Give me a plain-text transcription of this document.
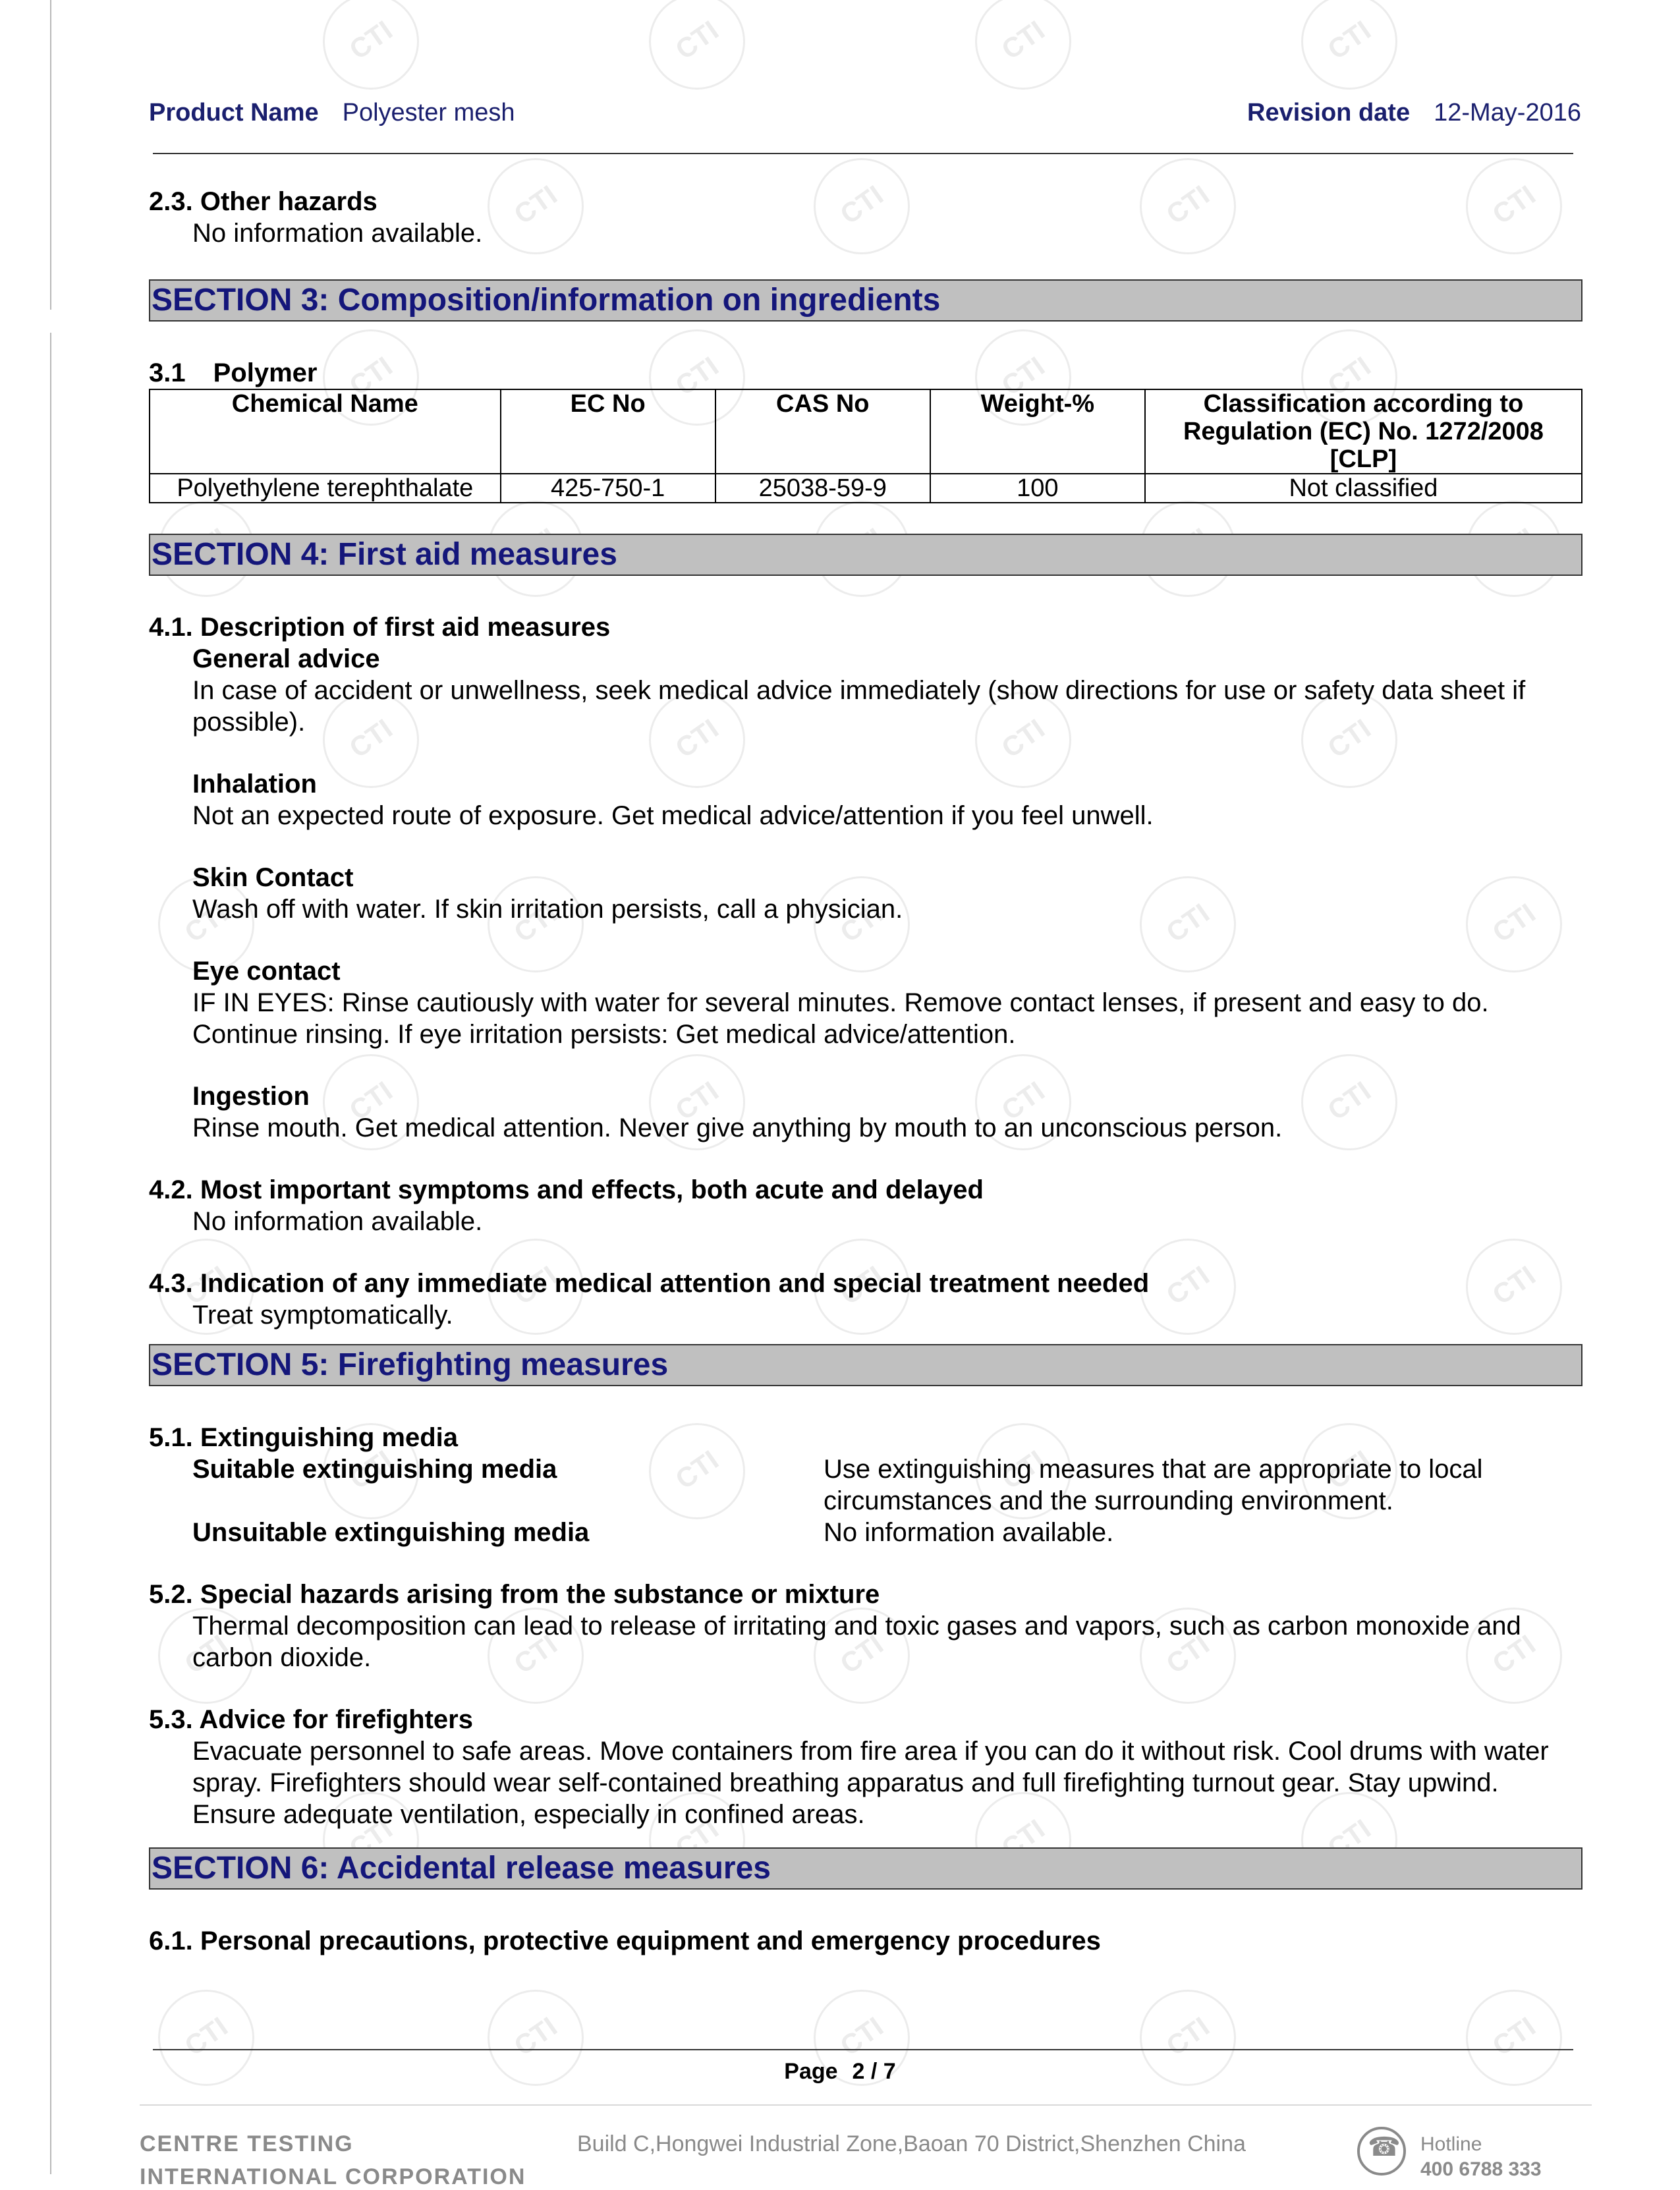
CTI
CTI
CTI
CTI
CTI
CTI
CTI
CTI
CTI
CTI
CTI
CTI
CTI
CTI
CTI
CTI
CTI
CTI
CTI
CTI
CTI
CTI
CTI
CTI
CTI
CTI
CTI
CTI
CTI
CTI
CTI
CTI
CTI
CTI
CTI
CTI
CTI
CTI
CTI
CTI
CTI
CTI
CTI
CTI
CTI
CTI
CTI
CTI
CTI
CTI
CTI
CTI
CTI
Product Name Polyester mesh	Revision date 12-May-2016
2.3. Other hazards
No information available.
SECTION 3: Composition/information on ingredients
3.1 Polymer
Chemical Name	EC No	CAS No	Weight-%	Classification according to Regulation (EC) No. 1272/2008 [CLP]
Polyethylene terephthalate	425-750-1	25038-59-9	100	Not classified
SECTION 4: First aid measures
4.1. Description of first aid measures
General advice
In case of accident or unwellness, seek medical advice immediately (show directions for use or safety data sheet if possible).
Inhalation
Not an expected route of exposure. Get medical advice/attention if you feel unwell.
Skin Contact
Wash off with water. If skin irritation persists, call a physician.
Eye contact
IF IN EYES: Rinse cautiously with water for several minutes. Remove contact lenses, if present and easy to do. Continue rinsing. If eye irritation persists: Get medical advice/attention.
Ingestion
Rinse mouth. Get medical attention. Never give anything by mouth to an unconscious person.
4.2. Most important symptoms and effects, both acute and delayed
No information available.
4.3. Indication of any immediate medical attention and special treatment needed
Treat symptomatically.
SECTION 5: Firefighting measures
5.1. Extinguishing media
Suitable extinguishing media	Use extinguishing measures that are appropriate to local circumstances and the surrounding environment.
Unsuitable extinguishing media	No information available.
5.2. Special hazards arising from the substance or mixture
Thermal decomposition can lead to release of irritating and toxic gases and vapors, such as carbon monoxide and carbon dioxide.
5.3. Advice for firefighters
Evacuate personnel to safe areas. Move containers from fire area if you can do it without risk. Cool drums with water spray. Firefighters should wear self-contained breathing apparatus and full firefighting turnout gear. Stay upwind. Ensure adequate ventilation, especially in confined areas.
SECTION 6: Accidental release measures
6.1. Personal precautions, protective equipment and emergency procedures
Page 2 / 7
CENTRE TESTING
INTERNATIONAL CORPORATION
Build C,Hongwei Industrial Zone,Baoan 70 District,Shenzhen China ☎	Hotline
400 6788 333
